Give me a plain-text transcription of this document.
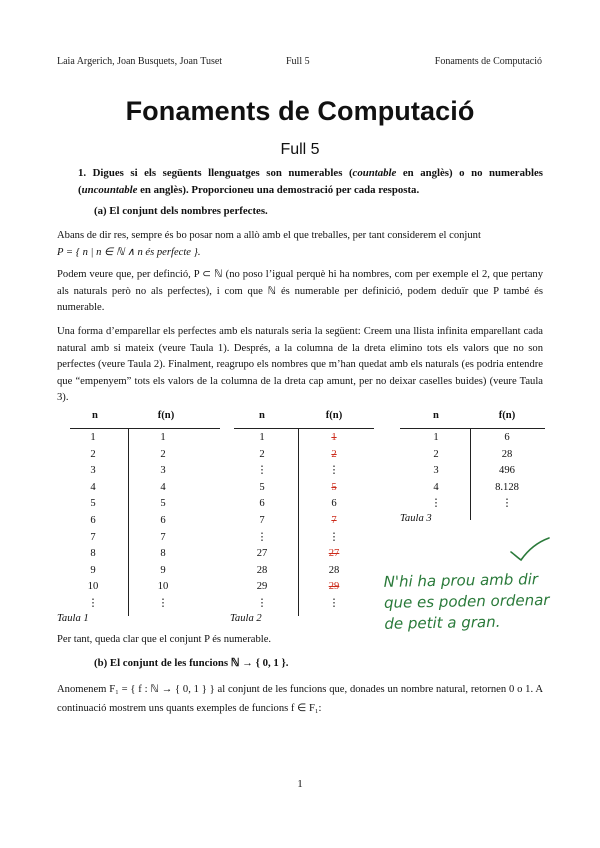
Laia Argerich, Joan Busquets, Joan Tuset	Full 5	Fonaments de Computació
Fonaments de Computació
Full 5
1. Digues si els següents llenguatges son numerables (countable en anglès) o no numerables (uncountable en anglès). Proporcioneu una demostració per cada resposta.
(a) El conjunt dels nombres perfectes.
Abans de dir res, sempre és bo posar nom a allò amb el que treballes, per tant considerem el conjunt
P = { n | n ∈ ℕ ∧ n és perfecte }.
Podem veure que, per definció, P ⊂ ℕ (no poso l’igual perquè hi ha nombres, com per exemple el 2, que pertany als naturals però no als perfectes), i com que ℕ és numerable per definició, podem deduïr que P també és numerable.
Una forma d’emparellar els perfectes amb els naturals seria la següent: Creem una llista infinita emparellant cada natural amb si mateix (veure Taula 1). Després, a la columna de la dreta elimino tots els valors que no son perfectes (veure Taula 2). Finalment, reagrupo els nombres que m’han quedat amb els naturals (es podria entendre que “empenyem” tots els valors de la columna de la dreta cap amunt, per no deixar caselles buides) (veure Taula 3).
n	f(n)
1	1
2	2
3	3
4	4
5	5
6	6
7	7
8	8
9	9
10	10
⋮	⋮
Taula 1
n	f(n)
1	1
2	2
⋮	⋮
5	5
6	6
7	7
⋮	⋮
27	27
28	28
29	29
⋮	⋮
Taula 2
n	f(n)
1	6
2	28
3	496
4	8.128
⋮	⋮
Taula 3
N'hi ha prou amb dir
que es poden ordenar
de petit a gran.
Per tant, queda clar que el conjunt P és numerable.
(b) El conjunt de les funcions ℕ → { 0, 1 }.
Anomenem F₁ = { f : ℕ → { 0, 1 } } al conjunt de les funcions que, donades un nombre natural, retornen 0 o 1. A continuació mostrem uns quants exemples de funcions f ∈ F₁:
1
